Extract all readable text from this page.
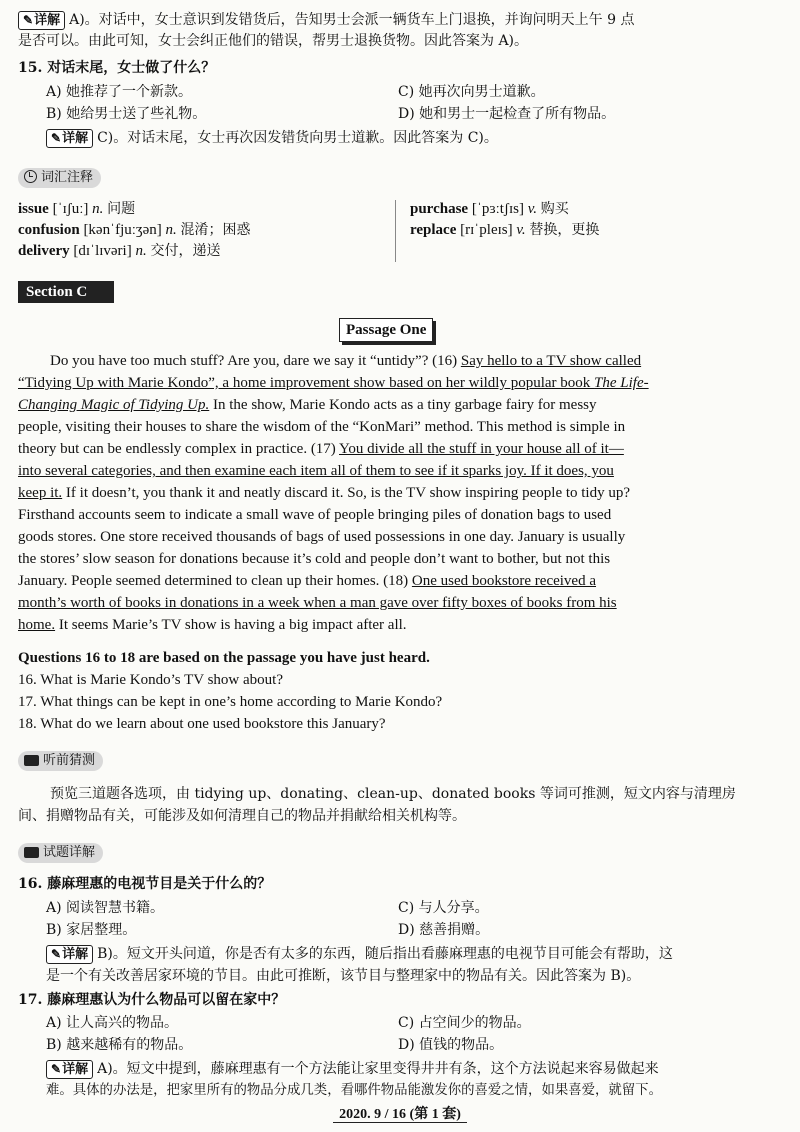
✎详解 A)。对话中，女士意识到发错货后，告知男士会派一辆货车上门退换，并询问明天上午 9 点
是否可以。由此可知，女士会纠正他们的错误，帮男士退换货物。因此答案为 A)。
15. 对话末尾，女士做了什么？
A) 她推荐了一个新款。	C) 她再次向男士道歉。
B) 她给男士送了些礼物。	D) 她和男士一起检查了所有物品。
✎详解 C)。对话末尾，女士再次因发错货向男士道歉。因此答案为 C)。
词汇注释
issue [ˈɪʃuː] n. 问题
confusion [kənˈfjuːʒən] n. 混淆；困惑
delivery [dɪˈlɪvəri] n. 交付，递送
purchase [ˈpɜːtʃɪs] v. 购买
replace [rɪˈpleɪs] v. 替换，更换
Section C
Passage One
Do you have too much stuff? Are you, dare we say it “untidy”? (16) Say hello to a TV show called
“Tidying Up with Marie Kondo”, a home improvement show based on her wildly popular book The Life-
Changing Magic of Tidying Up. In the show, Marie Kondo acts as a tiny garbage fairy for messy
people, visiting their houses to share the wisdom of the “KonMari” method. This method is simple in
theory but can be endlessly complex in practice. (17) You divide all the stuff in your house all of it—
into several categories, and then examine each item all of them to see if it sparks joy. If it does, you
keep it. If it doesn’t, you thank it and neatly discard it. So, is the TV show inspiring people to tidy up?
Firsthand accounts seem to indicate a small wave of people bringing piles of donation bags to used
goods stores. One store received thousands of bags of used possessions in one day. January is usually
the stores’ slow season for donations because it’s cold and people don’t want to bother, but not this
January. People seemed determined to clean up their homes. (18) One used bookstore received a
month’s worth of books in donations in a week when a man gave over fifty boxes of books from his
home. It seems Marie’s TV show is having a big impact after all.
Questions 16 to 18 are based on the passage you have just heard.
16. What is Marie Kondo’s TV show about?
17. What things can be kept in one’s home according to Marie Kondo?
18. What do we learn about one used bookstore this January?
听前猜测
预览三道题各选项，由 tidying up、donating、clean-up、donated books 等词可推测，短文内容与清理房
间、捐赠物品有关，可能涉及如何清理自己的物品并捐献给相关机构等。
试题详解
16. 藤麻理惠的电视节目是关于什么的？
A) 阅读智慧书籍。	C) 与人分享。
B) 家居整理。	D) 慈善捐赠。
✎详解 B)。短文开头问道，你是否有太多的东西，随后指出看藤麻理惠的电视节目可能会有帮助，这
是一个有关改善居家环境的节目。由此可推断，该节目与整理家中的物品有关。因此答案为 B)。
17. 藤麻理惠认为什么物品可以留在家中？
A) 让人高兴的物品。	C) 占空间少的物品。
B) 越来越稀有的物品。	D) 值钱的物品。
✎详解 A)。短文中提到，藤麻理惠有一个方法能让家里变得井井有条，这个方法说起来容易做起来
难。具体的办法是，把家里所有的物品分成几类，看哪件物品能激发你的喜爱之情，如果喜爱，就留下。
2020. 9 / 16 (第 1 套)
